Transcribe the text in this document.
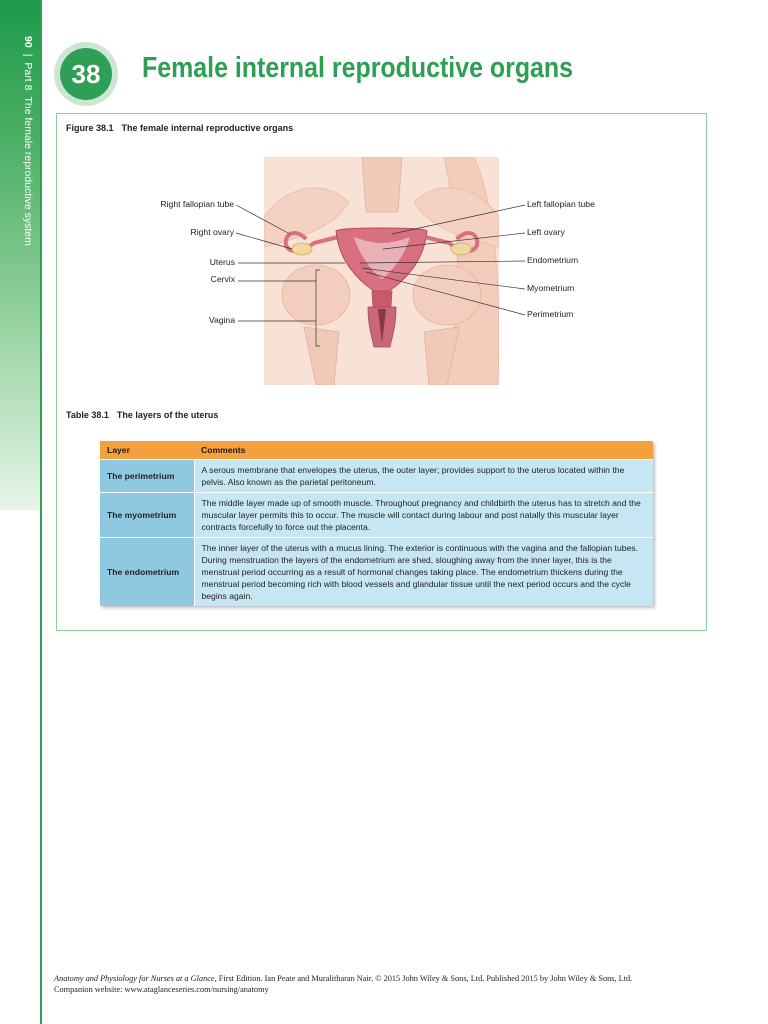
90|Part 8The female reproductive system
38	Female internal reproductive organs
Figure 38.1 The female internal reproductive organs
Right fallopian tube
Right ovary
Uterus
Cervix
Vagina
Left fallopian tube
Left ovary
Endometrium
Myometrium
Perimetrium
Table 38.1 The layers of the uterus
Layer	Comments
The perimetrium	A serous membrane that envelopes the uterus, the outer layer; provides support to the uterus located within the pelvis. Also known as the parietal peritoneum.
The myometrium	The middle layer made up of smooth muscle. Throughout pregnancy and childbirth the uterus has to stretch and the muscular layer permits this to occur. The muscle will contact during labour and post natally this muscular layer contracts forcefully to force out the placenta.
The endometrium	The inner layer of the uterus with a mucus lining. The exterior is continuous with the vagina and the fallopian tubes. During menstruation the layers of the endometrium are shed, sloughing away from the inner layer, this is the menstrual period occurring as a result of hormonal changes taking place. The endometrium thickens during the menstrual period becoming rich with blood vessels and glandular tissue until the next period occurs and the cycle begins again.
Anatomy and Physiology for Nurses at a Glance, First Edition. Ian Peate and Muralitharan Nair. © 2015 John Wiley & Sons, Ltd. Published 2015 by John Wiley & Sons, Ltd.
Companion website: www.ataglanceseries.com/nursing/anatomy
